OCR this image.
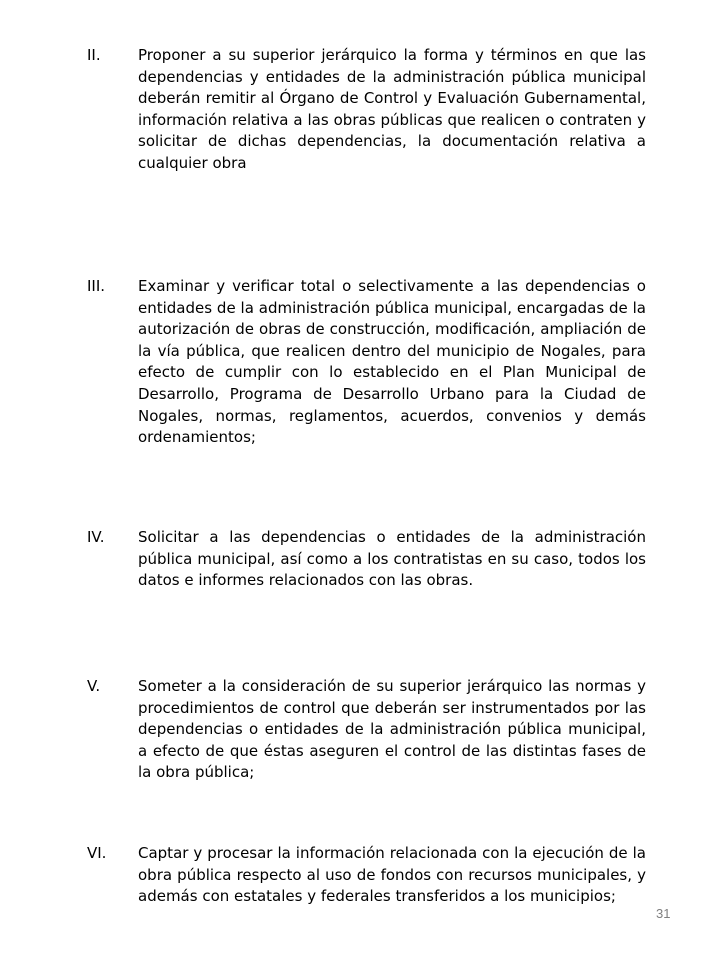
II. Proponer a su superior jerárquico la forma y términos en que las dependencias y entidades de la administración pública municipal deberán remitir al Órgano de Control y Evaluación Gubernamental, información relativa a las obras públicas que realicen o contraten y solicitar de dichas dependencias, la documentación relativa a cualquier obra

III. Examinar y verificar total o selectivamente a las dependencias o entidades de la administración pública municipal, encargadas de la autorización de obras de construcción, modificación, ampliación de la vía pública, que realicen dentro del municipio de Nogales, para efecto de cumplir con lo establecido en el Plan Municipal de Desarrollo, Programa de Desarrollo Urbano para la Ciudad de Nogales, normas, reglamentos, acuerdos, convenios y demás ordenamientos;

IV. Solicitar a las dependencias o entidades de la administración pública municipal, así como a los contratistas en su caso, todos los datos e informes relacionados con las obras.

V.	Someter a la consideración de su superior jerárquico las normas y procedimientos de control que deberán ser instrumentados por las dependencias o entidades de la administración pública municipal, a efecto de que éstas aseguren el control de las distintas fases de la obra pública;

VI. Captar y procesar la información relacionada con la ejecución de la obra pública respecto al uso de fondos con recursos municipales, y además con estatales y federales transferidos a los municipios;

31
